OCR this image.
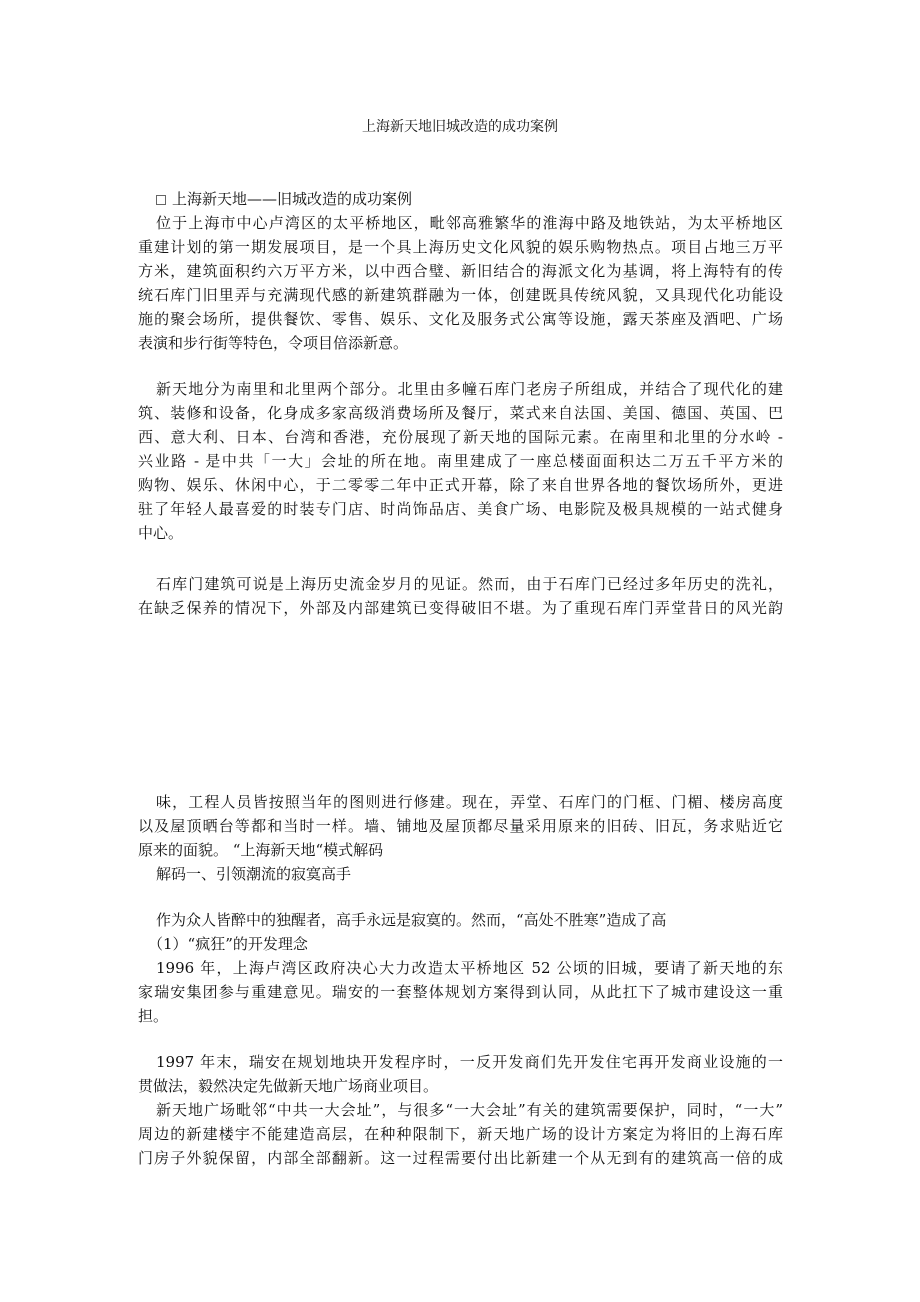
上海新天地旧城改造的成功案例

上海新天地——旧城改造的成功案例

位于上海市中心卢湾区的太平桥地区，毗邻高雅繁华的淮海中路及地铁站，为太平桥地区

重建计划的第一期发展项目，是一个具上海历史文化风貌的娱乐购物热点。项目占地三万平

方米，建筑面积约六万平方米，以中西合璧、新旧结合的海派文化为基调，将上海特有的传

统石库门旧里弄与充满现代感的新建筑群融为一体，创建既具传统风貌，又具现代化功能设

施的聚会场所，提供餐饮、零售、娱乐、文化及服务式公寓等设施，露天茶座及酒吧、广场

表演和步行街等特色，令项目倍添新意。

新天地分为南里和北里两个部分。北里由多幢石库门老房子所组成，并结合了现代化的建

筑、装修和设备，化身成多家高级消费场所及餐厅，菜式来自法国、美国、德国、英国、巴

西、意大利、日本、台湾和香港，充份展现了新天地的国际元素。在南里和北里的分水岭 -

兴业路 - 是中共「一大」会址的所在地。南里建成了一座总楼面面积达二万五千平方米的

购物、娱乐、休闲中心，于二零零二年中正式开幕，除了来自世界各地的餐饮场所外，更进

驻了年轻人最喜爱的时装专门店、时尚饰品店、美食广场、电影院及极具规模的一站式健身

中心。

石库门建筑可说是上海历史流金岁月的见证。然而，由于石库门已经过多年历史的洗礼，

在缺乏保养的情况下，外部及内部建筑已变得破旧不堪。为了重现石库门弄堂昔日的风光韵

味，工程人员皆按照当年的图则进行修建。现在，弄堂、石库门的门框、门楣、楼房高度

以及屋顶晒台等都和当时一样。墙、铺地及屋顶都尽量采用原来的旧砖、旧瓦，务求贴近它

原来的面貌。 “上海新天地“模式解码

解码一、引领潮流的寂寞高手

作为众人皆醉中的独醒者，高手永远是寂寞的。然而，“高处不胜寒”造成了高

（1）“疯狂”的开发理念

1996 年，上海卢湾区政府决心大力改造太平桥地区 52 公顷的旧城，要请了新天地的东

家瑞安集团参与重建意见。瑞安的一套整体规划方案得到认同，从此扛下了城市建设这一重

担。

1997 年末，瑞安在规划地块开发程序时，一反开发商们先开发住宅再开发商业设施的一

贯做法，毅然决定先做新天地广场商业项目。

新天地广场毗邻“中共一大会址”，与很多“一大会址”有关的建筑需要保护，同时，“一大”

周边的新建楼宇不能建造高层，在种种限制下，新天地广场的设计方案定为将旧的上海石库

门房子外貌保留，内部全部翻新。这一过程需要付出比新建一个从无到有的建筑高一倍的成
